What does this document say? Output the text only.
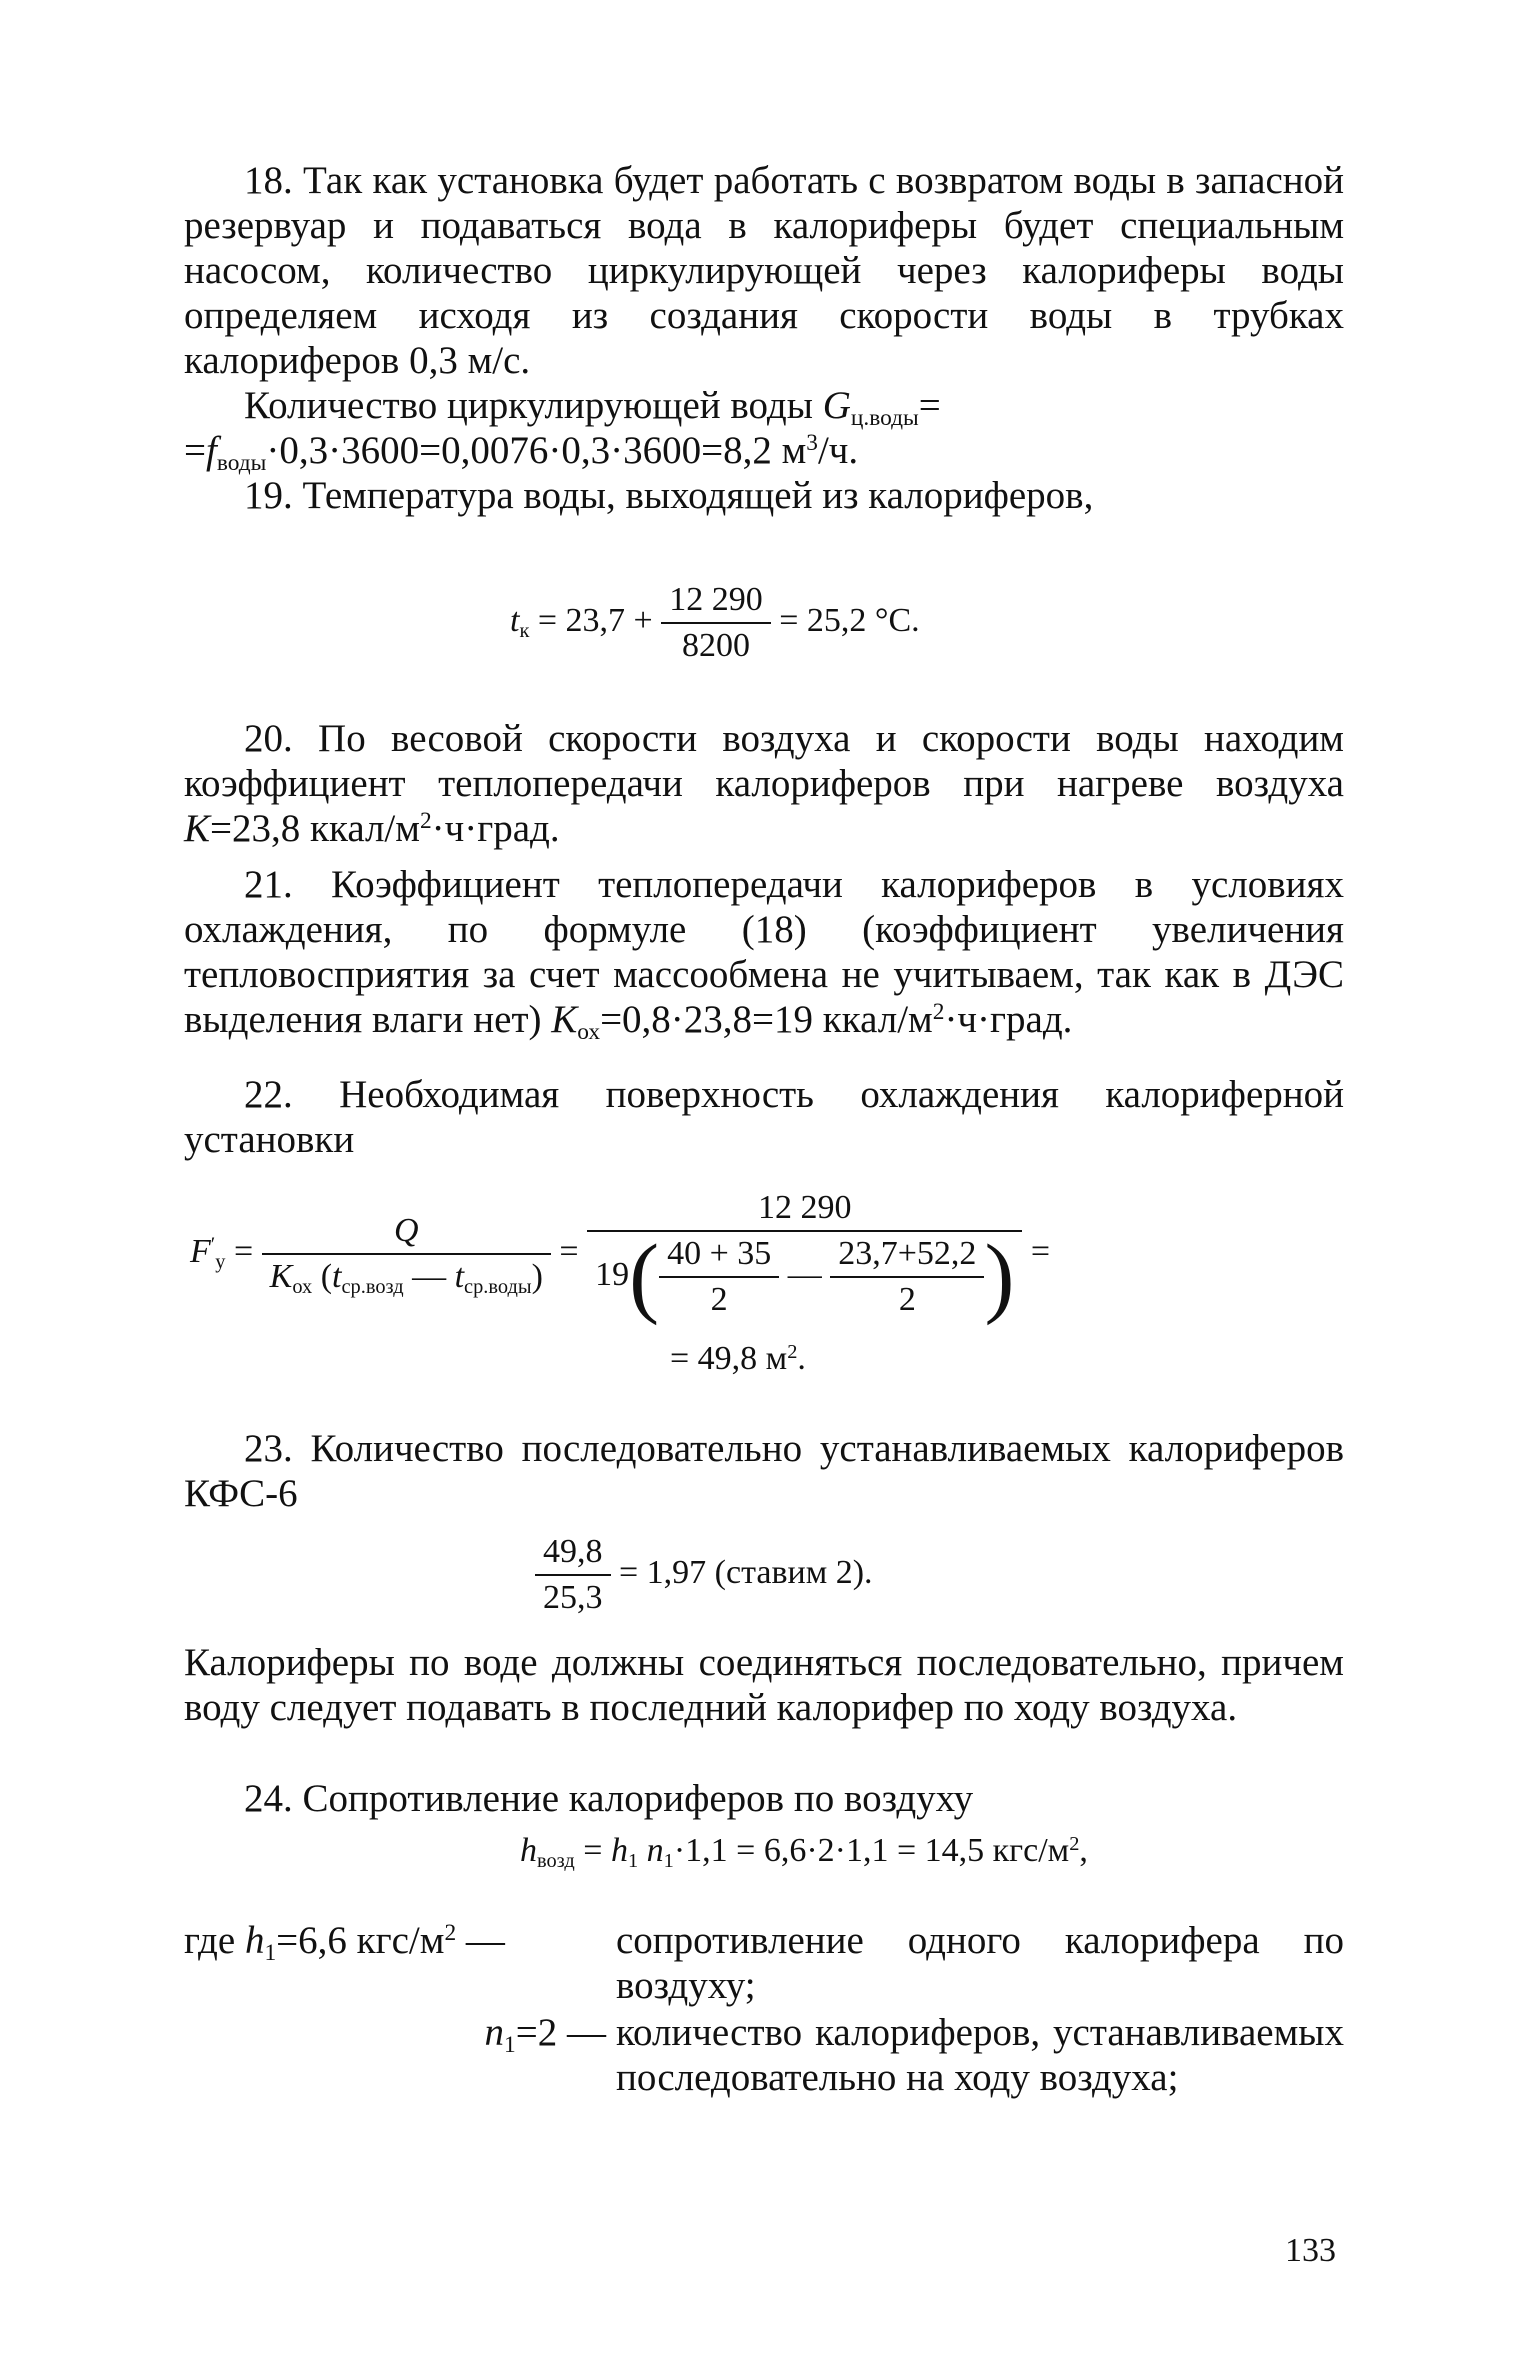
18. Так как установка будет работать с возвратом воды в запасной резервуар и подаваться вода в калориферы будет специальным насосом, количество циркулирующей через калориферы воды определяем исходя из создания скорости воды в трубках калориферов 0,3 м/с.

Количество циркулирующей воды $G_{ц.воды}=$

$=f_{воды}\cdot 0,3\cdot 3600=0,0076\cdot 0,3\cdot 3600=8,2$ $м^3/ч$.

19. Температура воды, выходящей из калориферов,

$t_к = 23,7 + \frac{12 290}{8200} = 25,2$ °С.

20. По весовой скорости воздуха и скорости воды находим коэффициент теплопередачи калориферов при нагреве воздуха K=23,8 ккал/$м^2\cdot ч\cdot град$.

21. Коэффициент теплопередачи калориферов в условиях охлаждения, по формуле (18) (коэффициент увеличения тепловосприятия за счет массообмена не учитываем, так как в ДЭС выделения влаги нет) $K_{ох}=0,8\cdot 23,8=19$ ккал/$м^2\cdot ч\cdot град$.

22. Необходимая поверхность охлаждения калориферной установки

$F'_у = \frac{Q}{K_{ох} (t_{ср.возд} — t_{ср.воды})} = \frac{12 290}{19( \frac{40 + 35}{2} — \frac{23,7+52,2}{2} )}$ =
= 49,8 $м^2$.

23. Количество последовательно устанавливаемых калориферов КФС-6

$\frac{49,8}{25,3} = 1,97$ (ставим 2).

Калориферы по воде должны соединяться последовательно, причем воду следует подавать в последний калорифер по ходу воздуха.

24. Сопротивление калориферов по воздуху

$h_{возд} = h_1$ $n_1\cdot 1,1 = 6,6\cdot 2\cdot 1,1 = 14,5$ кгс/$м^2$,
где $h_1=6,6$ кгс/$м^2$ —	сопротивление одного калорифера по воздуху;
$n_1=2$ — количество калориферов, устанавливаемых последовательно на ходу воздуха;
133
